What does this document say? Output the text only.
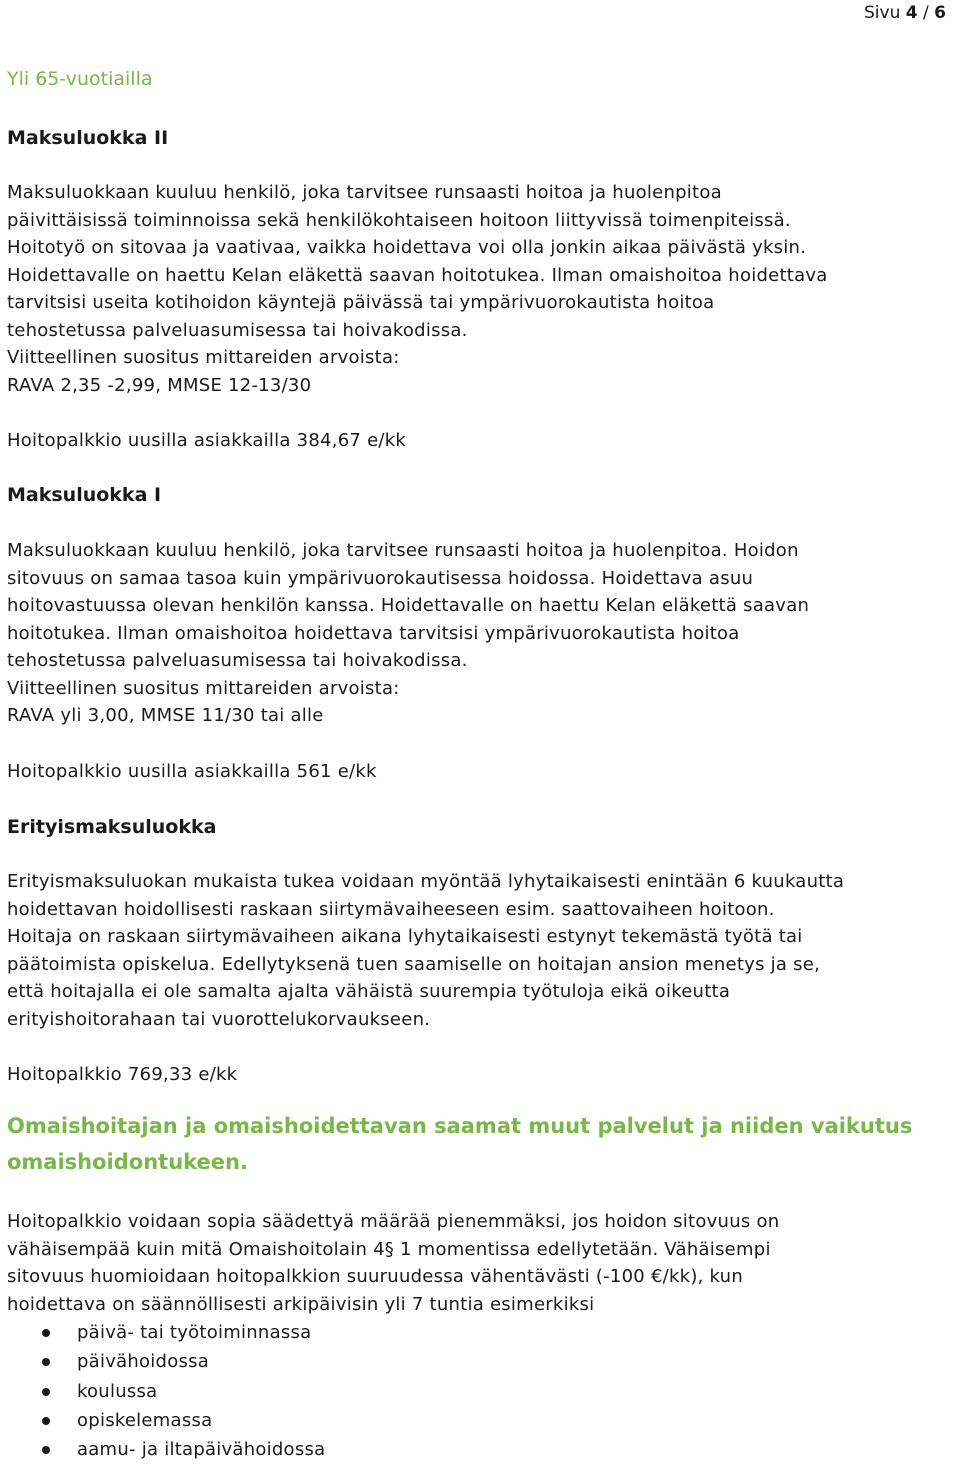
Sivu 4 / 6
Yli 65-vuotiailla
Maksuluokka II
Maksuluokkaan kuuluu henkilö, joka tarvitsee runsaasti hoitoa ja huolenpitoa
päivittäisissä toiminnoissa sekä henkilökohtaiseen hoitoon liittyvissä toimenpiteissä.
Hoitotyö on sitovaa ja vaativaa, vaikka hoidettava voi olla jonkin aikaa päivästä yksin.
Hoidettavalle on haettu Kelan eläkettä saavan hoitotukea. Ilman omaishoitoa hoidettava
tarvitsisi useita kotihoidon käyntejä päivässä tai ympärivuorokautista hoitoa
tehostetussa palveluasumisessa tai hoivakodissa.
Viitteellinen suositus mittareiden arvoista:
RAVA 2,35 -2,99, MMSE 12-13/30
Hoitopalkkio uusilla asiakkailla 384,67 e/kk
Maksuluokka I
Maksuluokkaan kuuluu henkilö, joka tarvitsee runsaasti hoitoa ja huolenpitoa. Hoidon
sitovuus on samaa tasoa kuin ympärivuorokautisessa hoidossa. Hoidettava asuu
hoitovastuussa olevan henkilön kanssa. Hoidettavalle on haettu Kelan eläkettä saavan
hoitotukea. Ilman omaishoitoa hoidettava tarvitsisi ympärivuorokautista hoitoa
tehostetussa palveluasumisessa tai hoivakodissa.
Viitteellinen suositus mittareiden arvoista:
RAVA yli 3,00, MMSE 11/30 tai alle
Hoitopalkkio uusilla asiakkailla 561 e/kk
Erityismaksuluokka
Erityismaksuluokan mukaista tukea voidaan myöntää lyhytaikaisesti enintään 6 kuukautta
hoidettavan hoidollisesti raskaan siirtymävaiheeseen esim. saattovaiheen hoitoon.
Hoitaja on raskaan siirtymävaiheen aikana lyhytaikaisesti estynyt tekemästä työtä tai
päätoimista opiskelua. Edellytyksenä tuen saamiselle on hoitajan ansion menetys ja se,
että hoitajalla ei ole samalta ajalta vähäistä suurempia työtuloja eikä oikeutta
erityishoitorahaan tai vuorottelukorvaukseen.
Hoitopalkkio 769,33 e/kk
Omaishoitajan ja omaishoidettavan saamat muut palvelut ja niiden vaikutus
omaishoidontukeen.
Hoitopalkkio voidaan sopia säädettyä määrää pienemmäksi, jos hoidon sitovuus on
vähäisempää kuin mitä Omaishoitolain 4§ 1 momentissa edellytetään. Vähäisempi
sitovuus huomioidaan hoitopalkkion suuruudessa vähentävästi (-100 €/kk), kun
hoidettava on säännöllisesti arkipäivisin yli 7 tuntia esimerkiksi
päivä- tai työtoiminnassa
päivähoidossa
koulussa
opiskelemassa
aamu- ja iltapäivähoidossa
